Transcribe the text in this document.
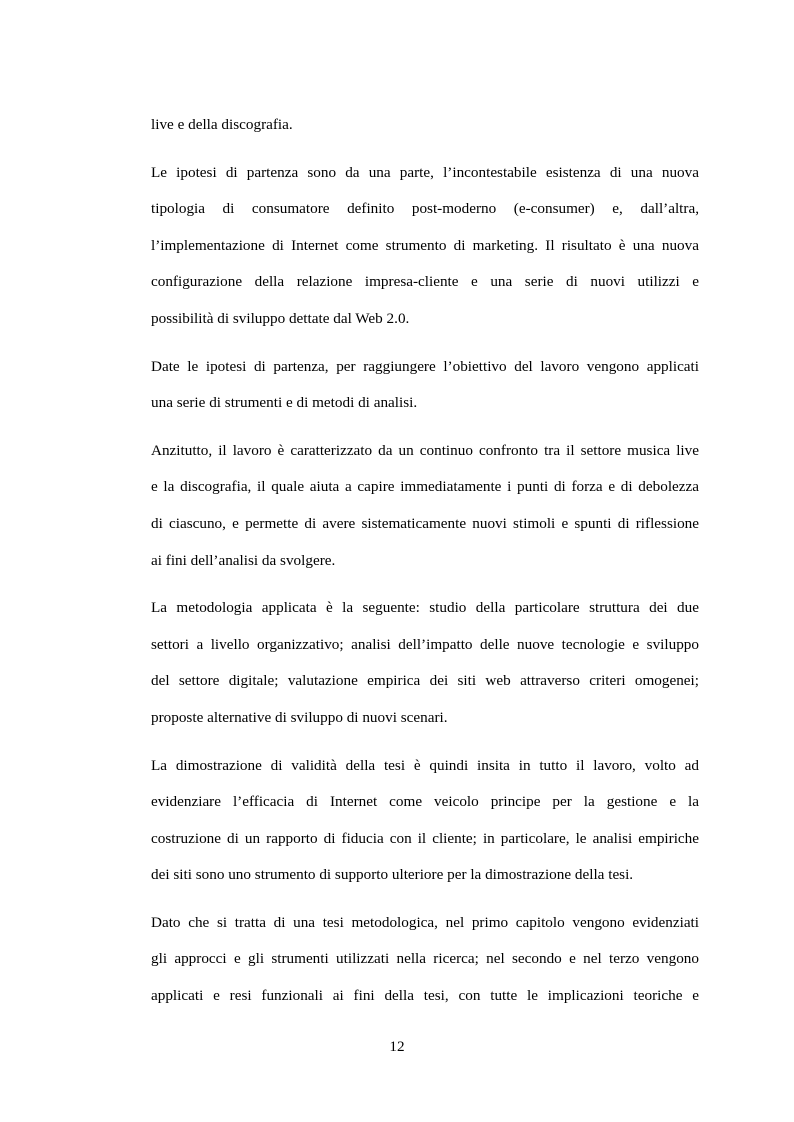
live e della discografia.
Le ipotesi di partenza sono da una parte, l’incontestabile esistenza di una nuova
tipologia di consumatore definito post-moderno (e-consumer) e, dall’altra,
l’implementazione di Internet come strumento di marketing. Il risultato è una nuova
configurazione della relazione impresa-cliente e una serie di nuovi utilizzi e
possibilità di sviluppo dettate dal Web 2.0.
Date le ipotesi di partenza, per raggiungere l’obiettivo del lavoro vengono applicati
una serie di strumenti e di metodi di analisi.
Anzitutto, il lavoro è caratterizzato da un continuo confronto tra il settore musica live
e la discografia, il quale aiuta a capire immediatamente i punti di forza e di debolezza
di ciascuno, e permette di avere sistematicamente nuovi stimoli e spunti di riflessione
ai fini dell’analisi da svolgere.
La metodologia applicata è la seguente: studio della particolare struttura dei due
settori a livello organizzativo; analisi dell’impatto delle nuove tecnologie e sviluppo
del settore digitale; valutazione empirica dei siti web attraverso criteri omogenei;
proposte alternative di sviluppo di nuovi scenari.
La dimostrazione di validità della tesi è quindi insita in tutto il lavoro, volto ad
evidenziare l’efficacia di Internet come veicolo principe per la gestione e la
costruzione di un rapporto di fiducia con il cliente; in particolare, le analisi empiriche
dei siti sono uno strumento di supporto ulteriore per la dimostrazione della tesi.
Dato che si tratta di una tesi metodologica, nel primo capitolo vengono evidenziati
gli approcci e gli strumenti utilizzati nella ricerca; nel secondo e nel terzo vengono
applicati e resi funzionali ai fini della tesi, con tutte le implicazioni teoriche e
12
